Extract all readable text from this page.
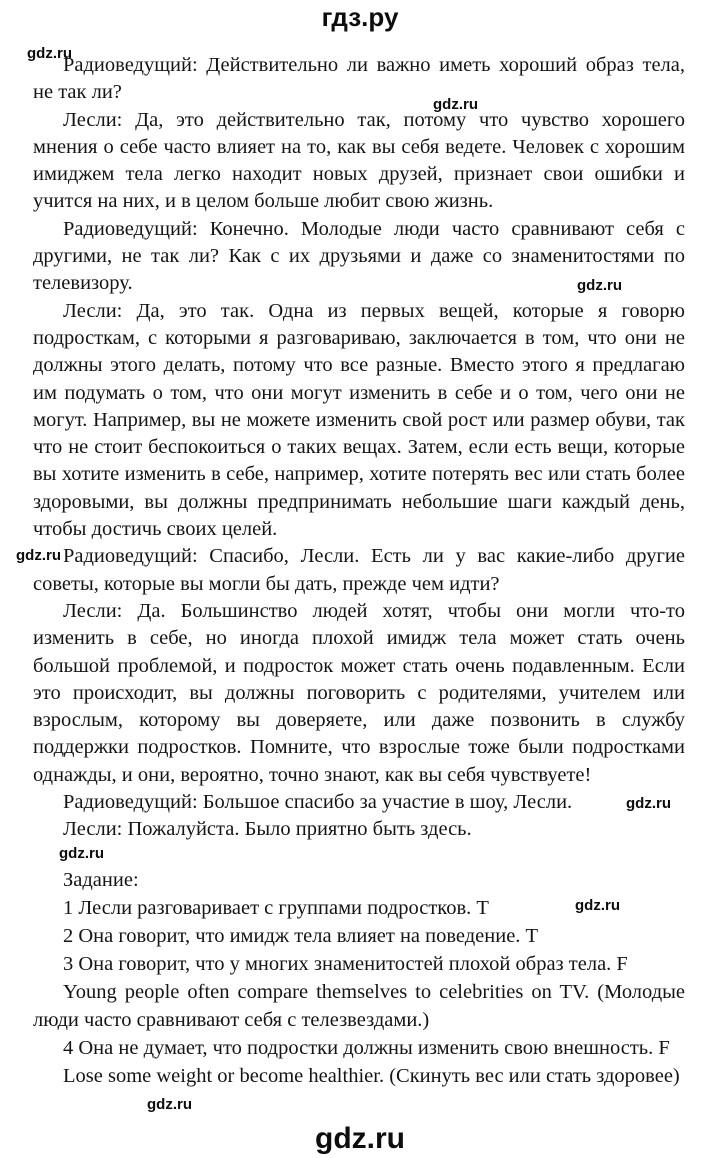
гдз.ру
gdz.ru
gdz.ru
gdz.ru
gdz.ru
gdz.ru
gdz.ru
gdz.ru
gdz.ru

Радиоведущий: Действительно ли важно иметь хороший образ тела, не так ли?

Лесли: Да, это действительно так, потому что чувство хорошего мнения о себе часто влияет на то, как вы себя ведете. Человек с хорошим имиджем тела легко находит новых друзей, признает свои ошибки и учится на них, и в целом больше любит свою жизнь.

Радиоведущий: Конечно. Молодые люди часто сравнивают себя с другими, не так ли? Как с их друзьями и даже со знаменитостями по телевизору.

Лесли: Да, это так. Одна из первых вещей, которые я говорю подросткам, с которыми я разговариваю, заключается в том, что они не должны этого делать, потому что все разные. Вместо этого я предлагаю им подумать о том, что они могут изменить в себе и о том, чего они не могут. Например, вы не можете изменить свой рост или размер обуви, так что не стоит беспокоиться о таких вещах. Затем, если есть вещи, которые вы хотите изменить в себе, например, хотите потерять вес или стать более здоровыми, вы должны предпринимать небольшие шаги каждый день, чтобы достичь своих целей.

Радиоведущий: Спасибо, Лесли. Есть ли у вас какие-либо другие советы, которые вы могли бы дать, прежде чем идти?

Лесли: Да. Большинство людей хотят, чтобы они могли что-то изменить в себе, но иногда плохой имидж тела может стать очень большой проблемой, и подросток может стать очень подавленным. Если это происходит, вы должны поговорить с родителями, учителем или взрослым, которому вы доверяете, или даже позвонить в службу поддержки подростков. Помните, что взрослые тоже были подростками однажды, и они, вероятно, точно знают, как вы себя чувствуете!

Радиоведущий: Большое спасибо за участие в шоу, Лесли.

Лесли: Пожалуйста. Было приятно быть здесь.

Задание:

1 Лесли разговаривает с группами подростков. Т

2 Она говорит, что имидж тела влияет на поведение. Т

3 Она говорит, что у многих знаменитостей плохой образ тела. F

Young people often compare themselves to celebrities on TV. (Молодые люди часто сравнивают себя с телезвездами.)

4 Она не думает, что подростки должны изменить свою внешность. F

Lose some weight or become healthier. (Скинуть вес или стать здоровее)

gdz.ru
